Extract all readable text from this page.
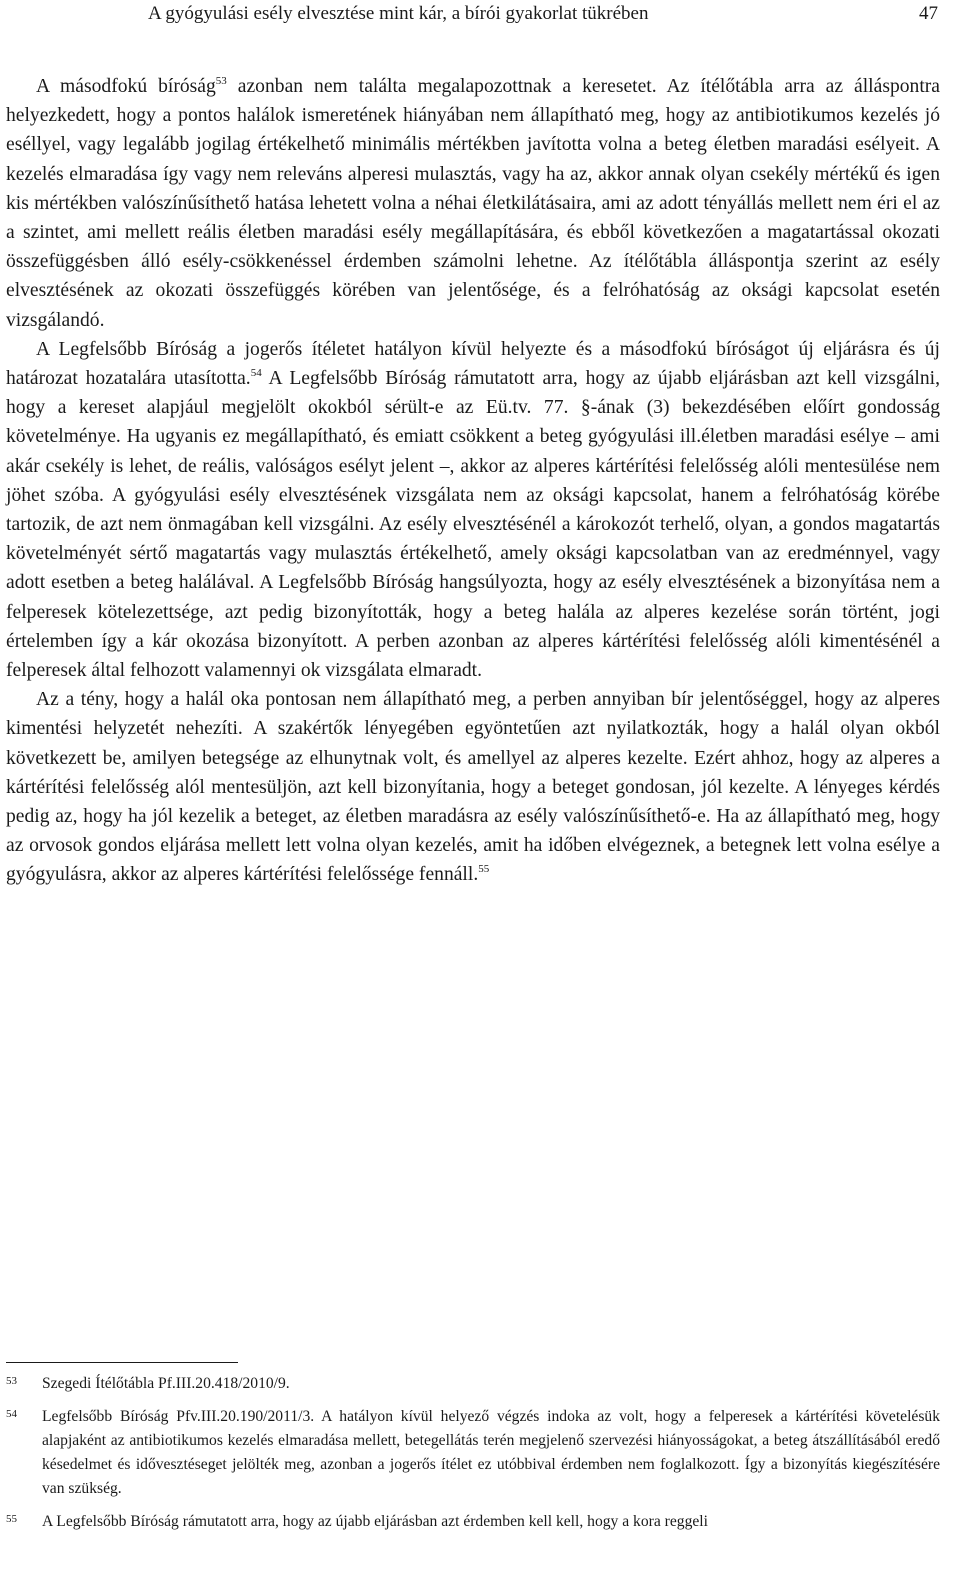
A gyógyulási esély elvesztése mint kár, a bírói gyakorlat tükrében	47

A másodfokú bíróság$^{53}$ azonban nem találta megalapozottnak a keresetet. Az ítélőtábla arra az álláspontra helyezkedett, hogy a pontos halálok ismeretének hiányában nem állapítható meg, hogy az antibiotikumos kezelés jó eséllyel, vagy legalább jogilag értékelhető minimális mértékben javította volna a beteg életben maradási esélyeit. A kezelés elmaradása így vagy nem releváns alperesi mulasztás, vagy ha az, akkor annak olyan csekély mértékű és igen kis mértékben valószínűsíthető hatása lehetett volna a néhai életkilátásaira, ami az adott tényállás mellett nem éri el az a szintet, ami mellett reális életben maradási esély megállapítására, és ebből következően a magatartással okozati összefüggésben álló esély-csökkenéssel érdemben számolni lehetne. Az ítélőtábla álláspontja szerint az esély elvesztésének az okozati összefüggés körében van jelentősége, és a felróhatóság az oksági kapcsolat esetén vizsgálandó.

A Legfelsőbb Bíróság a jogerős ítéletet hatályon kívül helyezte és a másodfokú bíróságot új eljárásra és új határozat hozatalára utasította.$^{54}$ A Legfelsőbb Bíróság rámutatott arra, hogy az újabb eljárásban azt kell vizsgálni, hogy a kereset alapjául megjelölt okokból sérült-e az Eü.tv. 77. §-ának (3) bekezdésében előírt gondosság követelménye. Ha ugyanis ez megállapítható, és emiatt csökkent a beteg gyógyulási ill.életben maradási esélye – ami akár csekély is lehet, de reális, valóságos esélyt jelent –, akkor az alperes kártérítési felelősség alóli mentesülése nem jöhet szóba. A gyógyulási esély elvesztésének vizsgálata nem az oksági kapcsolat, hanem a felróhatóság körébe tartozik, de azt nem önmagában kell vizsgálni. Az esély elvesztésénél a károkozót terhelő, olyan, a gondos magatartás követelményét sértő magatartás vagy mulasztás értékelhető, amely oksági kapcsolatban van az eredménnyel, vagy adott esetben a beteg halálával. A Legfelsőbb Bíróság hangsúlyozta, hogy az esély elvesztésének a bizonyítása nem a felperesek kötelezettsége, azt pedig bizonyították, hogy a beteg halála az alperes kezelése során történt, jogi értelemben így a kár okozása bizonyított. A perben azonban az alperes kártérítési felelősség alóli kimentésénél a felperesek által felhozott valamennyi ok vizsgálata elmaradt.

Az a tény, hogy a halál oka pontosan nem állapítható meg, a perben annyiban bír jelentőséggel, hogy az alperes kimentési helyzetét nehezíti. A szakértők lényegében egyöntetűen azt nyilatkozták, hogy a halál olyan okból következett be, amilyen betegsége az elhunytnak volt, és amellyel az alperes kezelte. Ezért ahhoz, hogy az alperes a kártérítési felelősség alól mentesüljön, azt kell bizonyítania, hogy a beteget gondosan, jól kezelte. A lényeges kérdés pedig az, hogy ha jól kezelik a beteget, az életben maradásra az esély valószínűsíthető-e. Ha az állapítható meg, hogy az orvosok gondos eljárása mellett lett volna olyan kezelés, amit ha időben elvégeznek, a betegnek lett volna esélye a gyógyulásra, akkor az alperes kártérítési felelőssége fennáll.$^{55}$

53 Szegedi Ítélőtábla Pf.III.20.418/2010/9.
54 Legfelsőbb Bíróság Pfv.III.20.190/2011/3. A hatályon kívül helyező végzés indoka az volt, hogy a felperesek a kártérítési követelésük alapjaként az antibiotikumos kezelés elmaradása mellett, betegellátás terén megjelenő szervezési hiányosságokat, a beteg átszállításából eredő késedelmet és idővesztéseget jelölték meg, azonban a jogerős ítélet ez utóbbival érdemben nem foglalkozott. Így a bizonyítás kiegészítésére van szükség.
55 A Legfelsőbb Bíróság rámutatott arra, hogy az újabb eljárásban azt érdemben kell kell, hogy a kora reggeli
